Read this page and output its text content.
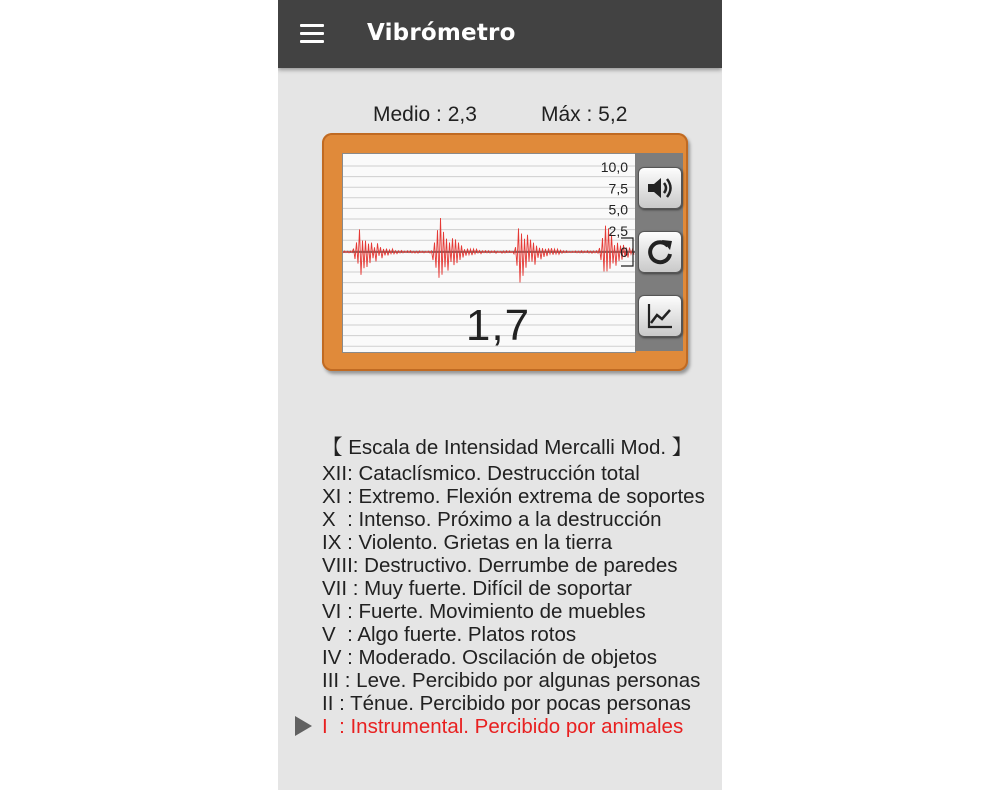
Vibrómetro
Medio : 2,3	Máx : 5,2
10,0
7,5
5,0
2,5
0
1,7
【 Escala de Intensidad Mercalli Mod. 】
XII: Cataclísmico. Destrucción total
XI : Extremo. Flexión extrema de soportes
X  : Intenso. Próximo a la destrucción
IX : Violento. Grietas en la tierra
VIII: Destructivo. Derrumbe de paredes
VII : Muy fuerte. Difícil de soportar
VI : Fuerte. Movimiento de muebles
V  : Algo fuerte. Platos rotos
IV : Moderado. Oscilación de objetos
III : Leve. Percibido por algunas personas
II : Ténue. Percibido por pocas personas
I  : Instrumental. Percibido por animales
